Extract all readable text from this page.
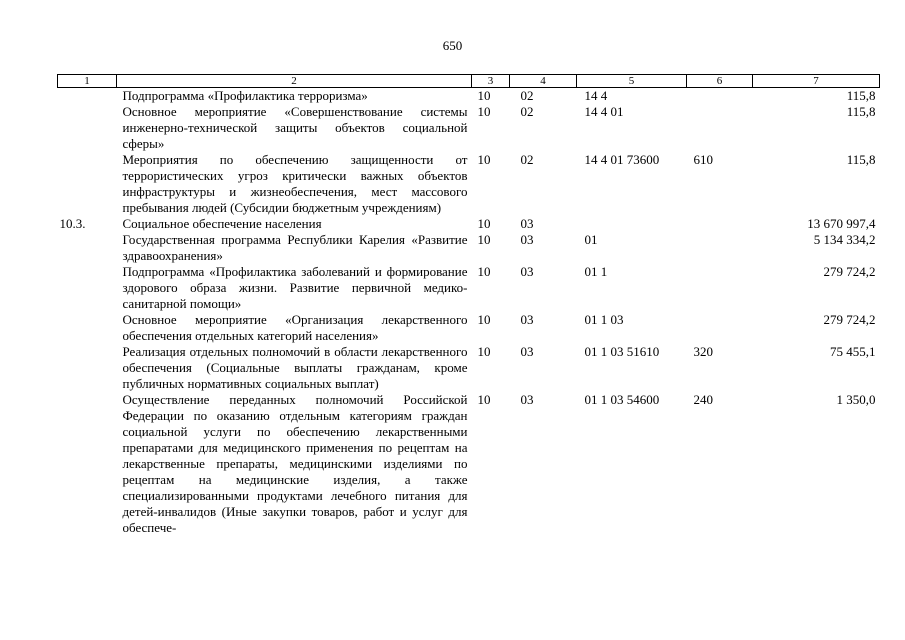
650
1	2	3	4	5	6	7
	Подпрограмма «Профилактика терроризма»	10	02	14 4		115,8
	Основное мероприятие «Совершенствование системы инженерно-технической защиты объектов социальной сферы»	10	02	14 4 01		115,8
	Мероприятия по обеспечению защищенности от террористических угроз критически важных объектов инфраструктуры и жизнеобеспечения, мест массового пребывания людей (Субсидии бюджетным учреждениям)	10	02	14 4 01 73600	610	115,8
10.3.	Социальное обеспечение населения	10	03			13 670 997,4
	Государственная программа Республики Карелия «Развитие здравоохранения»	10	03	01		5 134 334,2
	Подпрограмма «Профилактика заболеваний и формирование здорового образа жизни. Развитие первичной медико-санитарной помощи»	10	03	01 1		279 724,2
	Основное мероприятие «Организация лекарственного обеспечения отдельных категорий населения»	10	03	01 1 03		279 724,2
	Реализация отдельных полномочий в области лекарственного обеспечения (Социальные выплаты гражданам, кроме публичных нормативных социальных выплат)	10	03	01 1 03 51610	320	75 455,1
	Осуществление переданных полномочий Российской Федерации по оказанию отдельным категориям граждан социальной услуги по обеспечению лекарственными препаратами для медицинского применения по рецептам на лекарственные препараты, медицинскими изделиями по рецептам на медицинские изделия, а также специализированными продуктами лечебного питания для детей-инвалидов (Иные закупки товаров, работ и услуг для обеспече-	10	03	01 1 03 54600	240	1 350,0
